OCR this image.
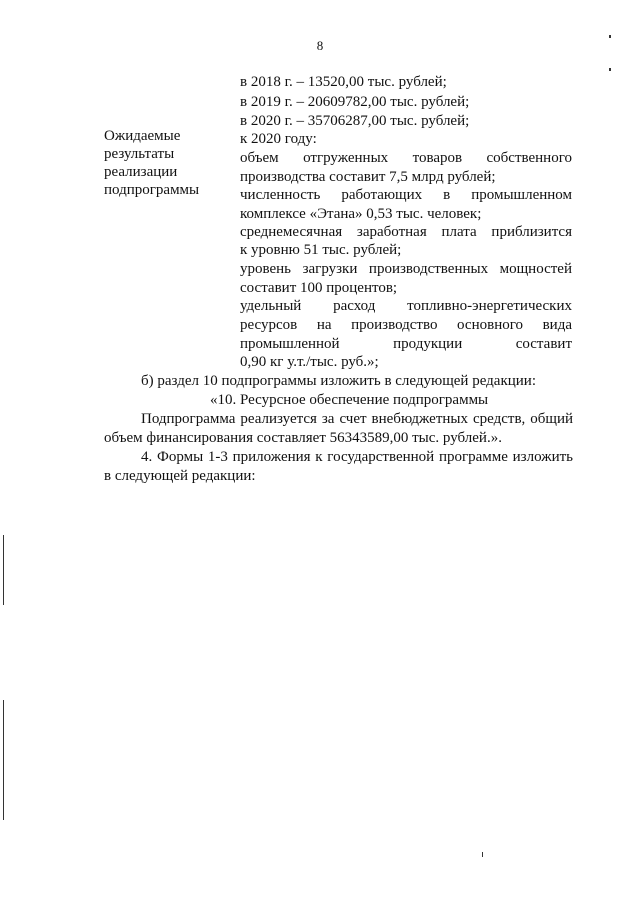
8
в 2018 г. – 13520,00 тыс. рублей;
в 2019 г. – 20609782,00 тыс. рублей;
в 2020 г. – 35706287,00 тыс. рублей;
Ожидаемые
результаты
реализации
подпрограммы
к 2020 году:
объем отгруженных товаров собственного
производства составит 7,5 млрд рублей;
численность работающих в промышленном
комплексе «Этана» 0,53 тыс. человек;
среднемесячная заработная плата приблизится
к уровню 51 тыс. рублей;
уровень загрузки производственных мощностей
составит 100 процентов;
удельный расход топливно-энергетических
ресурсов на производство основного вида
промышленной продукции составит
0,90 кг у.т./тыс. руб.»;
б) раздел 10 подпрограммы изложить в следующей редакции:
«10. Ресурсное обеспечение подпрограммы
Подпрограмма реализуется за счет внебюджетных средств, общий
объем финансирования составляет 56343589,00 тыс. рублей.».
4. Формы 1-3 приложения к государственной программе изложить
в следующей редакции:
